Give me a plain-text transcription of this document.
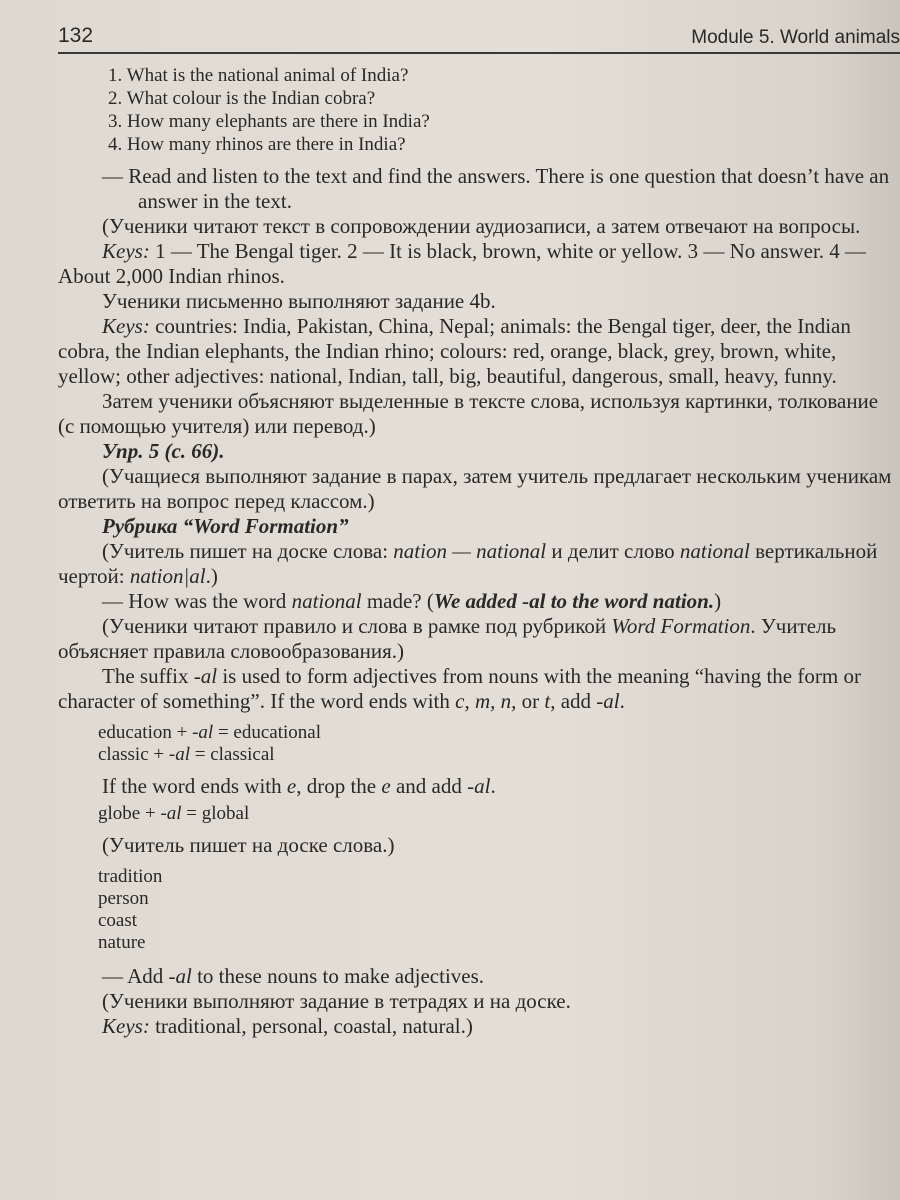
132	Module 5. World animals
1. What is the national animal of India?
2. What colour is the Indian cobra?
3. How many elephants are there in India?
4. How many rhinos are there in India?

— Read and listen to the text and find the answers. There is one question that doesn’t have an answer in the text.

(Ученики читают текст в сопровождении аудиозаписи, а затем отвечают на вопросы.

Keys: 1 — The Bengal tiger. 2 — It is black, brown, white or yellow. 3 — No answer. 4 — About 2,000 Indian rhinos.

Ученики письменно выполняют задание 4b.

Keys: countries: India, Pakistan, China, Nepal; animals: the Bengal tiger, deer, the Indian cobra, the Indian elephants, the Indian rhino; colours: red, orange, black, grey, brown, white, yellow; other adjectives: national, Indian, tall, big, beautiful, dangerous, small, heavy, funny.

Затем ученики объясняют выделенные в тексте слова, используя картинки, толкование (с помощью учителя) или перевод.)

Упр. 5 (с. 66).

(Учащиеся выполняют задание в парах, затем учитель предлагает нескольким ученикам ответить на вопрос перед классом.)

Рубрика “Word Formation”

(Учитель пишет на доске слова: nation — national и делит слово national вертикальной чертой: nation|al.)

— How was the word national made? (We added -al to the word nation.)

(Ученики читают правило и слова в рамке под рубрикой Word Formation. Учитель объясняет правила словообразования.)

The suffix -al is used to form adjectives from nouns with the meaning “having the form or character of something”. If the word ends with c, m, n, or t, add -al.

education + -al = educational
classic + -al = classical

If the word ends with e, drop the e and add -al.

globe + -al = global

(Учитель пишет на доске слова.)

tradition
person
coast
nature

— Add -al to these nouns to make adjectives.

(Ученики выполняют задание в тетрадях и на доске.

Keys: traditional, personal, coastal, natural.)
